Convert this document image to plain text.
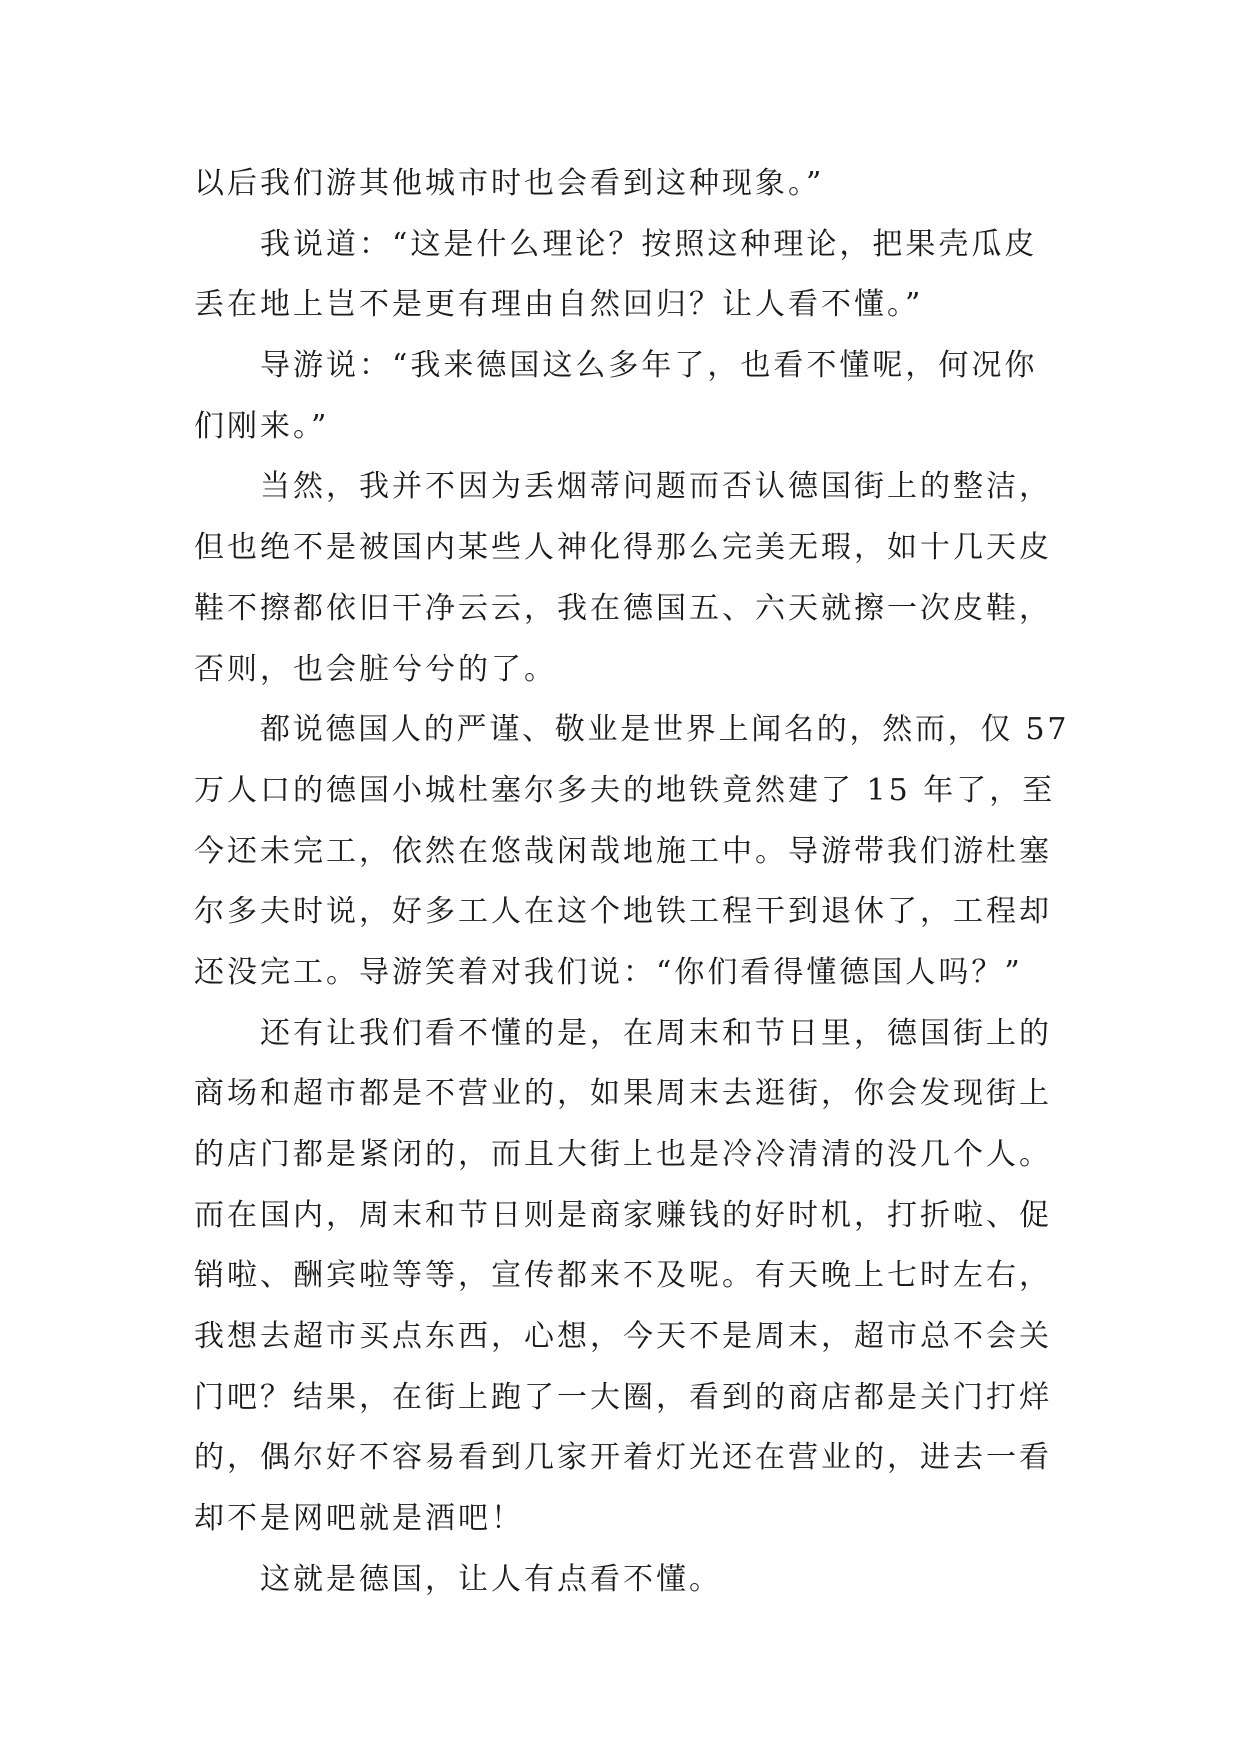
以后我们游其他城市时也会看到这种现象。”
我说道：“这是什么理论？按照这种理论，把果壳瓜皮
丢在地上岂不是更有理由自然回归？让人看不懂。”
导游说：“我来德国这么多年了，也看不懂呢，何况你
们刚来。”
当然，我并不因为丢烟蒂问题而否认德国街上的整洁，
但也绝不是被国内某些人神化得那么完美无瑕，如十几天皮
鞋不擦都依旧干净云云，我在德国五、六天就擦一次皮鞋，
否则，也会脏兮兮的了。
都说德国人的严谨、敬业是世界上闻名的，然而，仅 57
万人口的德国小城杜塞尔多夫的地铁竟然建了 15 年了，至
今还未完工，依然在悠哉闲哉地施工中。导游带我们游杜塞
尔多夫时说，好多工人在这个地铁工程干到退休了，工程却
还没完工。导游笑着对我们说：“你们看得懂德国人吗？”
还有让我们看不懂的是，在周末和节日里，德国街上的
商场和超市都是不营业的，如果周末去逛街，你会发现街上
的店门都是紧闭的，而且大街上也是冷冷清清的没几个人。
而在国内，周末和节日则是商家赚钱的好时机，打折啦、促
销啦、酬宾啦等等，宣传都来不及呢。有天晚上七时左右，
我想去超市买点东西，心想，今天不是周末，超市总不会关
门吧？结果，在街上跑了一大圈，看到的商店都是关门打烊
的，偶尔好不容易看到几家开着灯光还在营业的，进去一看
却不是网吧就是酒吧！
这就是德国，让人有点看不懂。
